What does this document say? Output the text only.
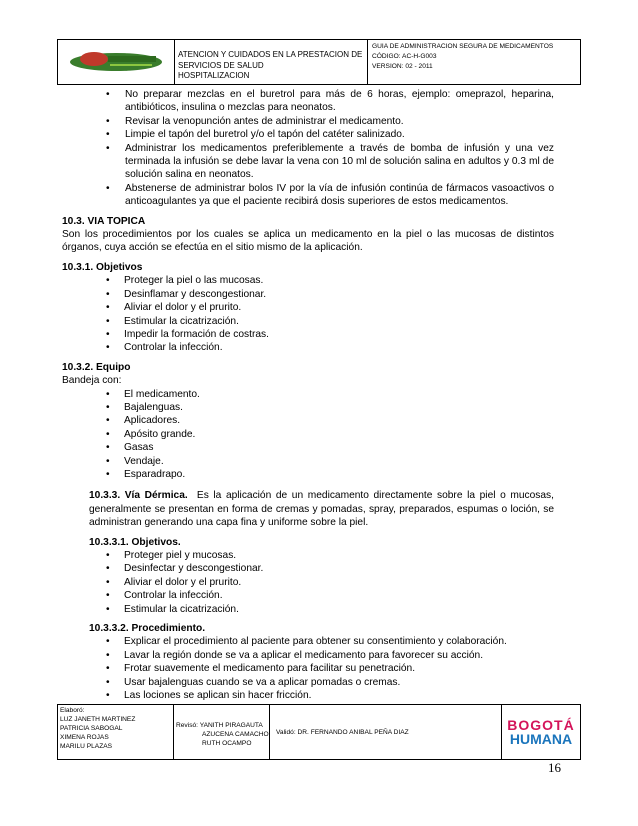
ATENCION Y CUIDADOS EN LA PRESTACION DE
SERVICIOS DE SALUD
HOSPITALIZACION
GUIA DE ADMINISTRACION SEGURA DE MEDICAMENTOS
CÓDIGO: AC-H-G003
VERSION: 02 - 2011

• No preparar mezclas en el buretrol para más de 6 horas, ejemplo: omeprazol, heparina, antibióticos, insulina o mezclas para neonatos.

• Revisar la venopunción antes de administrar el medicamento.

• Limpie el tapón del buretrol y/o el tapón del catéter salinizado.

• Administrar los medicamentos preferiblemente a través de bomba de infusión y una vez terminada la infusión se debe lavar la vena con 10 ml de solución salina en adultos y 0.3 ml de solución salina en neonatos.

• Abstenerse de administrar bolos IV por la vía de infusión continúa de fármacos vasoactivos o anticoagulantes ya que el paciente recibirá dosis superiores de estos medicamentos.

10.3. VIA TOPICA

Son los procedimientos por los cuales se aplica un medicamento en la piel o las mucosas de distintos órganos, cuya acción se efectúa en el sitio mismo de la aplicación.

10.3.1. Objetivos

• Proteger la piel o las mucosas.

• Desinflamar y descongestionar.

• Aliviar el dolor y el prurito.

• Estimular la cicatrización.

• Impedir la formación de costras.

• Controlar la infección.

10.3.2. Equipo

Bandeja con:

• El medicamento.

• Bajalenguas.

• Aplicadores.

• Apósito grande.

• Gasas

• Vendaje.

• Esparadrapo.

10.3.3. Vía Dérmica. Es la aplicación de un medicamento directamente sobre la piel o mucosas, generalmente se presentan en forma de cremas y pomadas, spray, preparados, espumas o loción, se administran generando una capa fina y uniforme sobre la piel.

10.3.3.1. Objetivos.

• Proteger piel y mucosas.

• Desinfectar y descongestionar.

• Aliviar el dolor y el prurito.

• Controlar la infección.

• Estimular la cicatrización.

10.3.3.2. Procedimiento.

• Explicar el procedimiento al paciente para obtener su consentimiento y colaboración.

• Lavar la región donde se va a aplicar el medicamento para favorecer su acción.

• Frotar suavemente el medicamento para facilitar su penetración.

• Usar bajalenguas cuando se va a aplicar pomadas o cremas.

• Las lociones se aplican sin hacer fricción.

Elaboró:
LUZ JANETH MARTINEZ
PATRICIA SABOGAL
XIMENA ROJAS
MARILU PLAZAS
Revisó: YANITH PIRAGAUTA
AZUCENA CAMACHO
RUTH OCAMPO
Validó: DR. FERNANDO ANIBAL PEÑA DIAZ	BOGOTÁ
HUMANA
16
